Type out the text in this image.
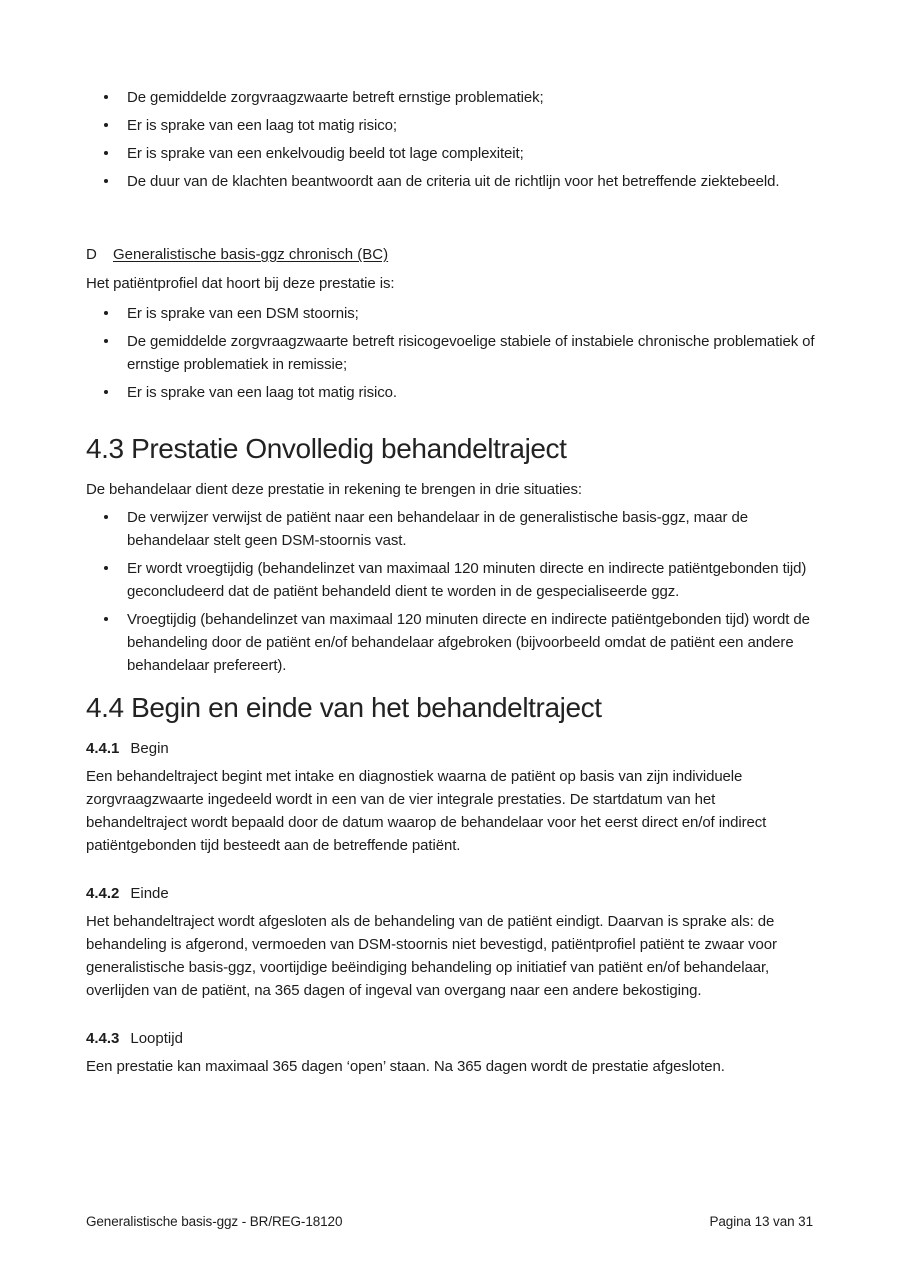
De gemiddelde zorgvraagzwaarte betreft ernstige problematiek;
Er is sprake van een laag tot matig risico;
Er is sprake van een enkelvoudig beeld tot lage complexiteit;
De duur van de klachten beantwoordt aan de criteria uit de richtlijn voor het betreffende ziektebeeld.
D Generalistische basis-ggz chronisch (BC)

Het patiëntprofiel dat hoort bij deze prestatie is:

Er is sprake van een DSM stoornis;
De gemiddelde zorgvraagzwaarte betreft risicogevoelige stabiele of instabiele chronische problematiek of ernstige problematiek in remissie;
Er is sprake van een laag tot matig risico.
4.3 Prestatie Onvolledig behandeltraject

De behandelaar dient deze prestatie in rekening te brengen in drie situaties:

De verwijzer verwijst de patiënt naar een behandelaar in de generalistische basis-ggz, maar de behandelaar stelt geen DSM-stoornis vast.
Er wordt vroegtijdig (behandelinzet van maximaal 120 minuten directe en indirecte patiëntgebonden tijd) geconcludeerd dat de patiënt behandeld dient te worden in de gespecialiseerde ggz.
Vroegtijdig (behandelinzet van maximaal 120 minuten directe en indirecte patiëntgebonden tijd) wordt de behandeling door de patiënt en/of behandelaar afgebroken (bijvoorbeeld omdat de patiënt een andere behandelaar prefereert).
4.4 Begin en einde van het behandeltraject
4.4.1 Begin

Een behandeltraject begint met intake en diagnostiek waarna de patiënt op basis van zijn individuele zorgvraagzwaarte ingedeeld wordt in een van de vier integrale prestaties. De startdatum van het behandeltraject wordt bepaald door de datum waarop de behandelaar voor het eerst direct en/of indirect patiëntgebonden tijd besteedt aan de betreffende patiënt.

4.4.2 Einde

Het behandeltraject wordt afgesloten als de behandeling van de patiënt eindigt. Daarvan is sprake als: de behandeling is afgerond, vermoeden van DSM-stoornis niet bevestigd, patiëntprofiel patiënt te zwaar voor generalistische basis-ggz, voortijdige beëindiging behandeling op initiatief van patiënt en/of behandelaar, overlijden van de patiënt, na 365 dagen of ingeval van overgang naar een andere bekostiging.

4.4.3 Looptijd

Een prestatie kan maximaal 365 dagen ‘open’ staan. Na 365 dagen wordt de prestatie afgesloten.

Generalistische basis-ggz - BR/REG-18120	Pagina 13 van 31
